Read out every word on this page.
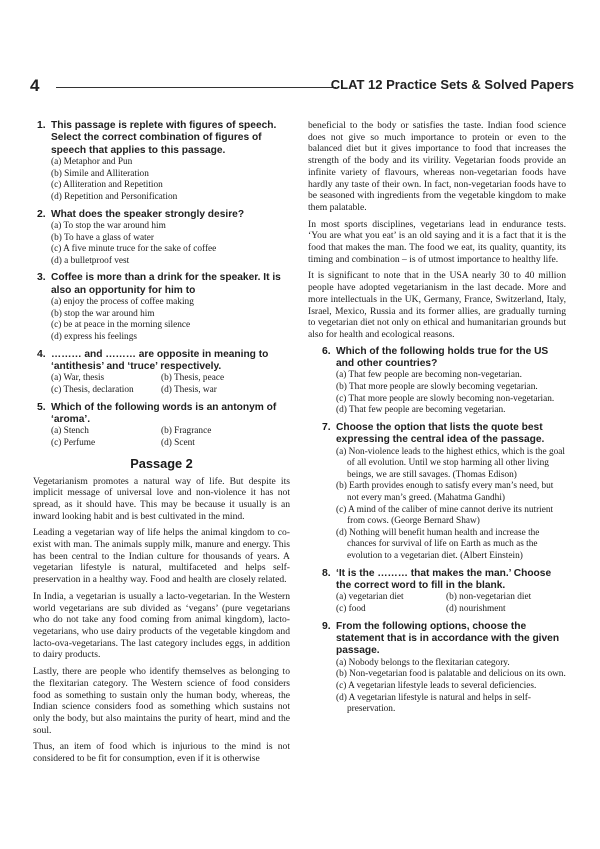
4	CLAT 12 Practice Sets & Solved Papers
1. This passage is replete with figures of speech. Select the correct combination of figures of speech that applies to this passage.
(a) Metaphor and Pun
(b) Simile and Alliteration
(c) Alliteration and Repetition
(d) Repetition and Personification
2. What does the speaker strongly desire?
(a) To stop the war around him
(b) To have a glass of water
(c) A five minute truce for the sake of coffee
(d) a bulletproof vest
3. Coffee is more than a drink for the speaker. It is also an opportunity for him to
(a) enjoy the process of coffee making
(b) stop the war around him
(c) be at peace in the morning silence
(d) express his feelings
4. ……… and ……… are opposite in meaning to ‘antithesis’ and ‘truce’ respectively.
(a) War, thesis	(b) Thesis, peace
(c) Thesis, declaration	(d) Thesis, war
5. Which of the following words is an antonym of ‘aroma’.
(a) Stench	(b) Fragrance
(c) Perfume	(d) Scent
Passage 2

Vegetarianism promotes a natural way of life. But despite its implicit message of universal love and non-violence it has not spread, as it should have. This may be because it usually is an inward looking habit and is best cultivated in the mind.

Leading a vegetarian way of life helps the animal kingdom to co-exist with man. The animals supply milk, manure and energy. This has been central to the Indian culture for thousands of years. A vegetarian lifestyle is natural, multifaceted and helps self-preservation in a healthy way. Food and health are closely related.

In India, a vegetarian is usually a lacto-vegetarian. In the Western world vegetarians are sub divided as ‘vegans’ (pure vegetarians who do not take any food coming from animal kingdom), lacto-vegetarians, who use dairy products of the vegetable kingdom and lacto-ova-vegetarians. The last category includes eggs, in addition to dairy products.

Lastly, there are people who identify themselves as belonging to the flexitarian category. The Western science of food considers food as something to sustain only the human body, whereas, the Indian science considers food as something which sustains not only the body, but also maintains the purity of heart, mind and the soul.

Thus, an item of food which is injurious to the mind is not considered to be fit for consumption, even if it is otherwise

beneficial to the body or satisfies the taste. Indian food science does not give so much importance to protein or even to the balanced diet but it gives importance to food that increases the strength of the body and its virility. Vegetarian foods provide an infinite variety of flavours, whereas non-vegetarian foods have hardly any taste of their own. In fact, non-vegetarian foods have to be seasoned with ingredients from the vegetable kingdom to make them palatable.

In most sports disciplines, vegetarians lead in endurance tests. ‘You are what you eat’ is an old saying and it is a fact that it is the food that makes the man. The food we eat, its quality, quantity, its timing and combination – is of utmost importance to healthy life.

It is significant to note that in the USA nearly 30 to 40 million people have adopted vegetarianism in the last decade. More and more intellectuals in the UK, Germany, France, Switzerland, Italy, Israel, Mexico, Russia and its former allies, are gradually turning to vegetarian diet not only on ethical and humanitarian grounds but also for health and ecological reasons.

6. Which of the following holds true for the US and other countries?
(a) That few people are becoming non-vegetarian.
(b) That more people are slowly becoming vegetarian.
(c) That more people are slowly becoming non-vegetarian.
(d) That few people are becoming vegetarian.
7. Choose the option that lists the quote best expressing the central idea of the passage.
(a) Non-violence leads to the highest ethics, which is the goal of all evolution. Until we stop harming all other living beings, we are still savages. (Thomas Edison)
(b) Earth provides enough to satisfy every man’s need, but not every man’s greed. (Mahatma Gandhi)
(c) A mind of the caliber of mine cannot derive its nutrient from cows. (George Bernard Shaw)
(d) Nothing will benefit human health and increase the chances for survival of life on Earth as much as the evolution to a vegetarian diet. (Albert Einstein)
8. ‘It is the ……… that makes the man.’ Choose the correct word to fill in the blank.
(a) vegetarian diet	(b) non-vegetarian diet
(c) food	(d) nourishment
9. From the following options, choose the statement that is in accordance with the given passage.
(a) Nobody belongs to the flexitarian category.
(b) Non-vegetarian food is palatable and delicious on its own.
(c) A vegetarian lifestyle leads to several deficiencies.
(d) A vegetarian lifestyle is natural and helps in self-preservation.
